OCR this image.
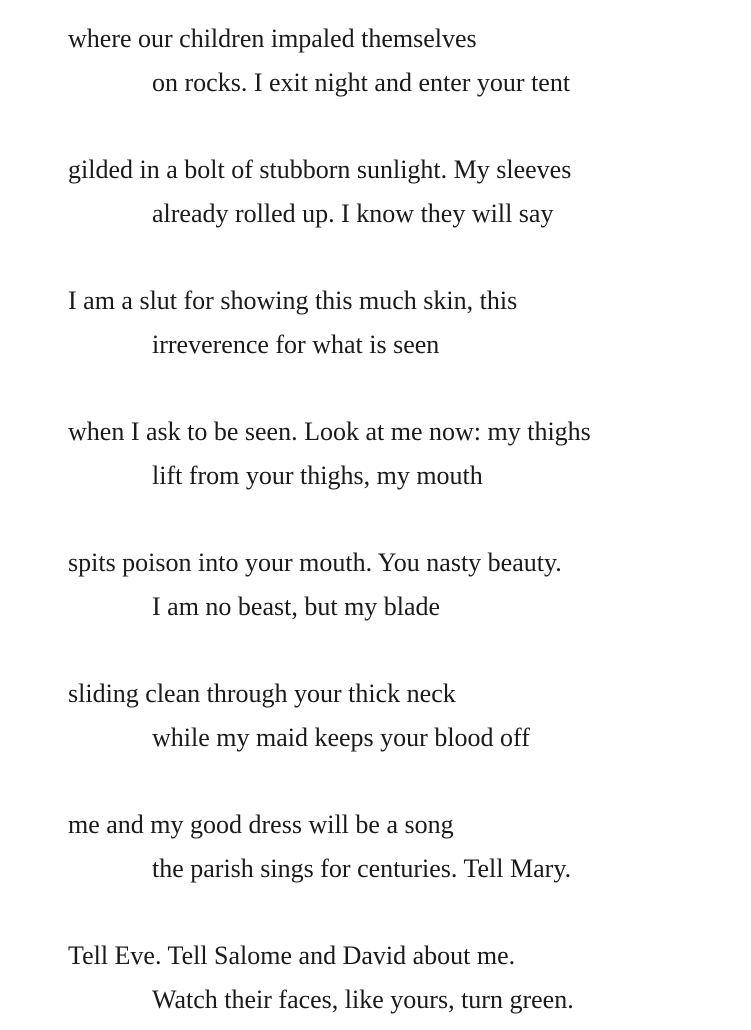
where our children impaled themselves
on rocks. I exit night and enter your tent
gilded in a bolt of stubborn sunlight. My sleeves
already rolled up. I know they will say
I am a slut for showing this much skin, this
irreverence for what is seen
when I ask to be seen. Look at me now: my thighs
lift from your thighs, my mouth
spits poison into your mouth. You nasty beauty.
I am no beast, but my blade
sliding clean through your thick neck
while my maid keeps your blood off
me and my good dress will be a song
the parish sings for centuries. Tell Mary.
Tell Eve. Tell Salome and David about me.
Watch their faces, like yours, turn green.
